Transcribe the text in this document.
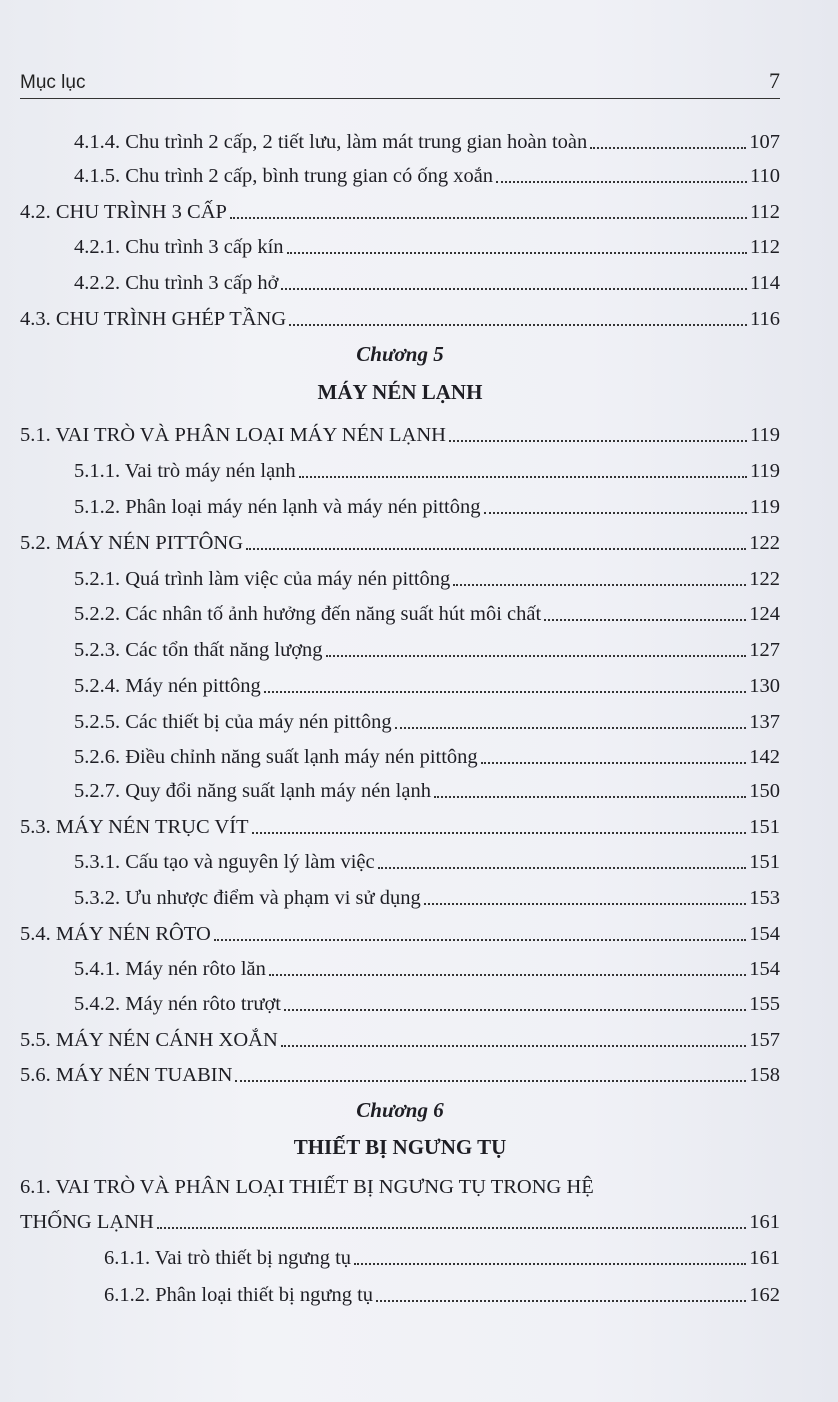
Mục lục	7
4.1.4. Chu trình 2 cấp, 2 tiết lưu, làm mát trung gian hoàn toàn	107
4.1.5. Chu trình 2 cấp, bình trung gian có ống xoắn	110
4.2. CHU TRÌNH 3 CẤP	112
4.2.1. Chu trình 3 cấp kín	112
4.2.2. Chu trình 3 cấp hở	114
4.3. CHU TRÌNH GHÉP TẦNG	116
Chương 5
MÁY NÉN LẠNH
5.1. VAI TRÒ VÀ PHÂN LOẠI MÁY NÉN LẠNH	119
5.1.1. Vai trò máy nén lạnh	119
5.1.2. Phân loại máy nén lạnh và máy nén pittông	119
5.2. MÁY NÉN PITTÔNG	122
5.2.1. Quá trình làm việc của máy nén pittông	122
5.2.2. Các nhân tố ảnh hưởng đến năng suất hút môi chất	124
5.2.3. Các tổn thất năng lượng	127
5.2.4. Máy nén pittông	130
5.2.5. Các thiết bị của máy nén pittông	137
5.2.6. Điều chỉnh năng suất lạnh máy nén pittông	142
5.2.7. Quy đổi năng suất lạnh máy nén lạnh	150
5.3. MÁY NÉN TRỤC VÍT	151
5.3.1. Cấu tạo và nguyên lý làm việc	151
5.3.2. Ưu nhược điểm và phạm vi sử dụng	153
5.4. MÁY NÉN RÔTO	154
5.4.1. Máy nén rôto lăn	154
5.4.2. Máy nén rôto trượt	155
5.5. MÁY NÉN CÁNH XOẮN	157
5.6. MÁY NÉN TUABIN	158
Chương 6
THIẾT BỊ NGƯNG TỤ
6.1. VAI TRÒ VÀ PHÂN LOẠI THIẾT BỊ NGƯNG TỤ TRONG HỆ
THỐNG LẠNH	161
6.1.1. Vai trò thiết bị ngưng tụ	161
6.1.2. Phân loại thiết bị ngưng tụ	162
